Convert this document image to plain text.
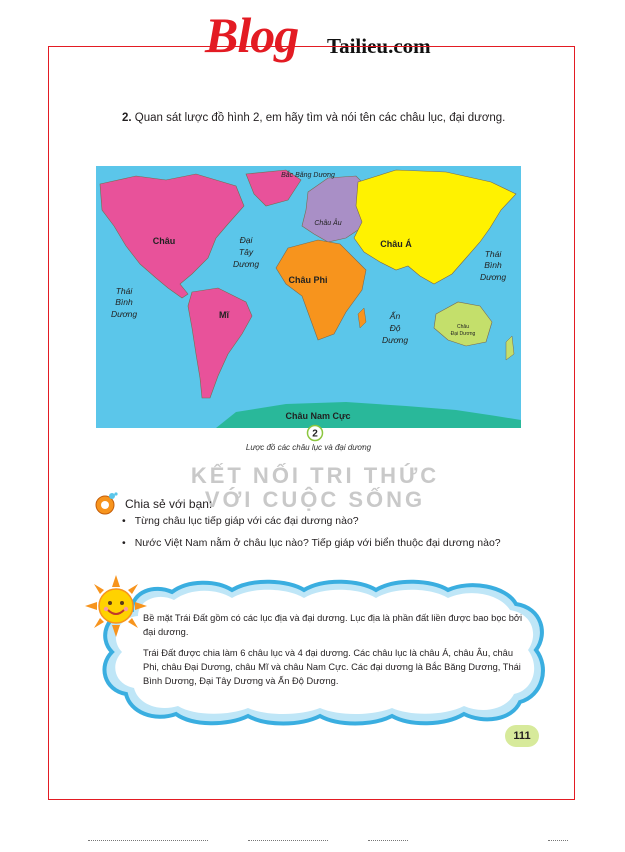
Blog Tailieu.com
2. Quan sát lược đồ hình 2, em hãy tìm và nói tên các châu lục, đại dương.
Bắc Băng Dương
Châu Âu
Châu Á
Châu Phi
Châu
Đại Dương
Châu Nam Cực
Châu
Mĩ
Đại
Tây
Dương
Thái
Bình
Dương
Thái
Bình
Dương
Ấn
Độ
Dương
2
Lược đồ các châu lục và đại dương
KẾT NỐI TRI THỨC
VỚI CUỘC SỐNG
Chia sẻ với bạn:
• Từng châu lục tiếp giáp với các đại dương nào?
• Nước Việt Nam nằm ở châu lục nào? Tiếp giáp với biển thuộc đại dương nào?

Bề mặt Trái Đất gồm có các lục địa và đại dương. Lục địa là phần đất liền được bao bọc bởi đại dương.

Trái Đất được chia làm 6 châu lục và 4 đại dương. Các châu lục là châu Á, châu Âu, châu Phi, châu Đại Dương, châu Mĩ và châu Nam Cực. Các đại dương là Bắc Băng Dương, Thái Bình Dương, Đại Tây Dương và Ấn Độ Dương.

111
